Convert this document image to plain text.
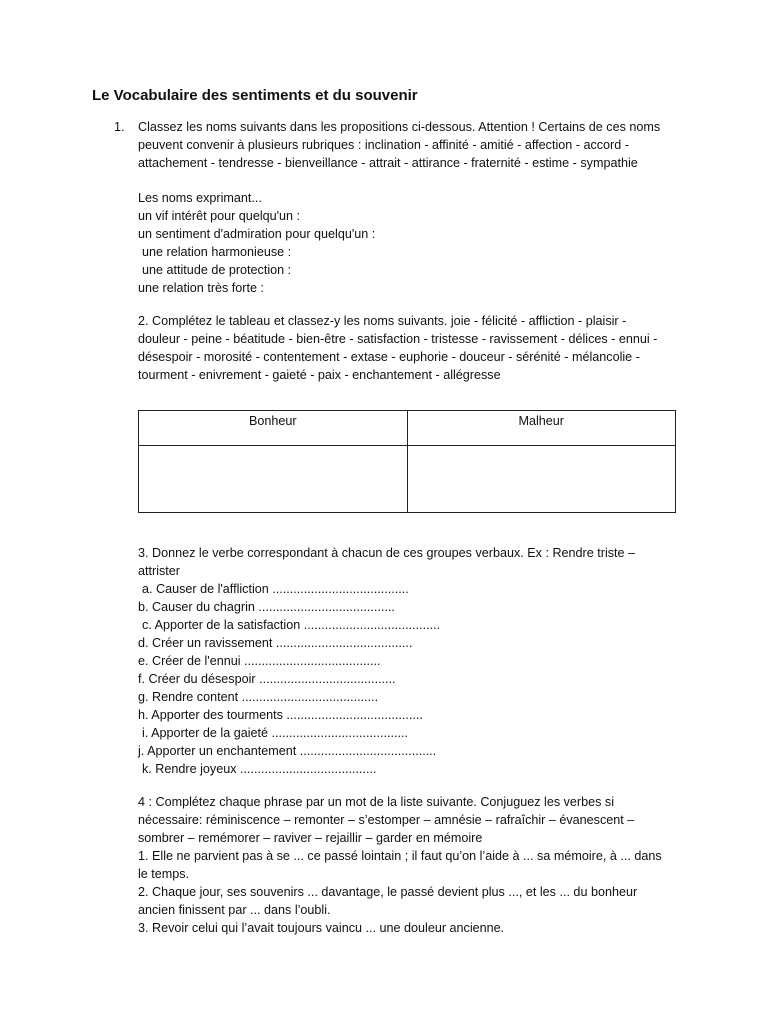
Le Vocabulaire des sentiments et du souvenir
1. Classez les noms suivants dans les propositions ci-dessous. Attention ! Certains de ces noms
peuvent convenir à plusieurs rubriques : inclination - affinité - amitié - affection - accord -
attachement - tendresse - bienveillance - attrait - attirance - fraternité - estime - sympathie
Les noms exprimant...
un vif intérêt pour quelqu'un :
un sentiment d'admiration pour quelqu'un :
une relation harmonieuse :
une attitude de protection :
une relation très forte :
2. Complétez le tableau et classez-y les noms suivants. joie - félicité - affliction - plaisir -
douleur - peine - béatitude - bien-être - satisfaction - tristesse - ravissement - délices - ennui -
désespoir - morosité - contentement - extase - euphorie - douceur - sérénité - mélancolie -
tourment - enivrement - gaieté - paix - enchantement - allégresse
Bonheur	Malheur

3. Donnez le verbe correspondant à chacun de ces groupes verbaux. Ex : Rendre triste –
attrister
a. Causer de l'affliction .......................................
b. Causer du chagrin .......................................
c. Apporter de la satisfaction .......................................
d. Créer un ravissement .......................................
e. Créer de l'ennui .......................................
f. Créer du désespoir .......................................
g. Rendre content .......................................
h. Apporter des tourments .......................................
i. Apporter de la gaieté .......................................
j. Apporter un enchantement .......................................
k. Rendre joyeux .......................................
4 : Complétez chaque phrase par un mot de la liste suivante. Conjuguez les verbes si
nécessaire: réminiscence – remonter – s’estomper – amnésie – rafraîchir – évanescent –
sombrer – remémorer – raviver – rejaillir – garder en mémoire
1. Elle ne parvient pas à se ... ce passé lointain ; il faut qu’on l’aide à ... sa mémoire, à ... dans
le temps.
2. Chaque jour, ses souvenirs ... davantage, le passé devient plus ..., et les ... du bonheur
ancien finissent par ... dans l’oubli.
3. Revoir celui qui l’avait toujours vaincu ... une douleur ancienne.
